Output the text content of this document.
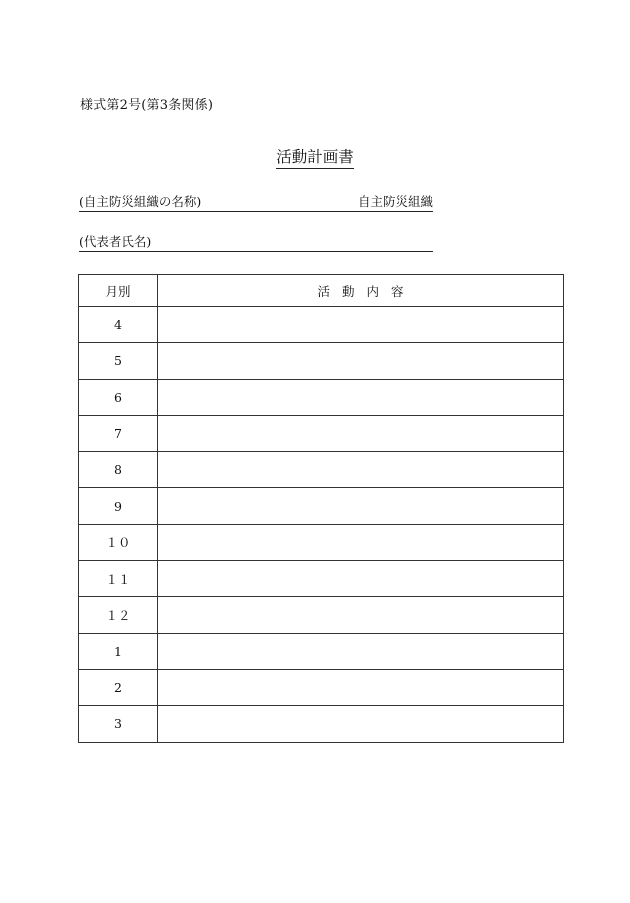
様式第2号(第3条関係)
活動計画書
(自主防災組織の名称)	自主防災組織
(代表者氏名)
月別	活動内容
4	
5	
6	
7	
8	
9	
１０	
１１	
１２	
1	
2	
3	
